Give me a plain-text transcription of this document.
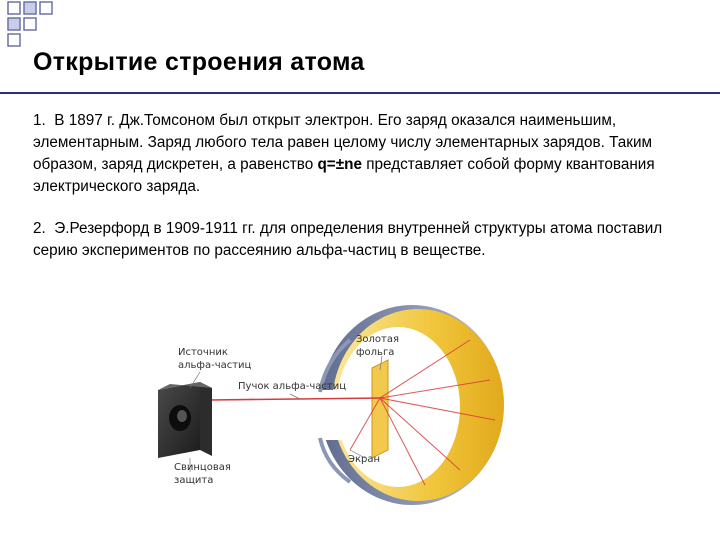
Открытие строения атома
1. В 1897 г. Дж.Томсоном был открыт электрон. Его заряд оказался наименьшим, элементарным. Заряд любого тела равен целому числу элементарных зарядов. Таким образом, заряд дискретен, а равенство q=±ne представляет собой форму квантования электрического заряда.
2. Э.Резерфорд в 1909-1911 гг. для определения внутренней структуры атома поставил серию экспериментов по рассеянию альфа-частиц в веществе.
Источник
альфа-частиц
Пучок альфа-частиц
Золотая
фольга
Экран
Свинцовая
защита
